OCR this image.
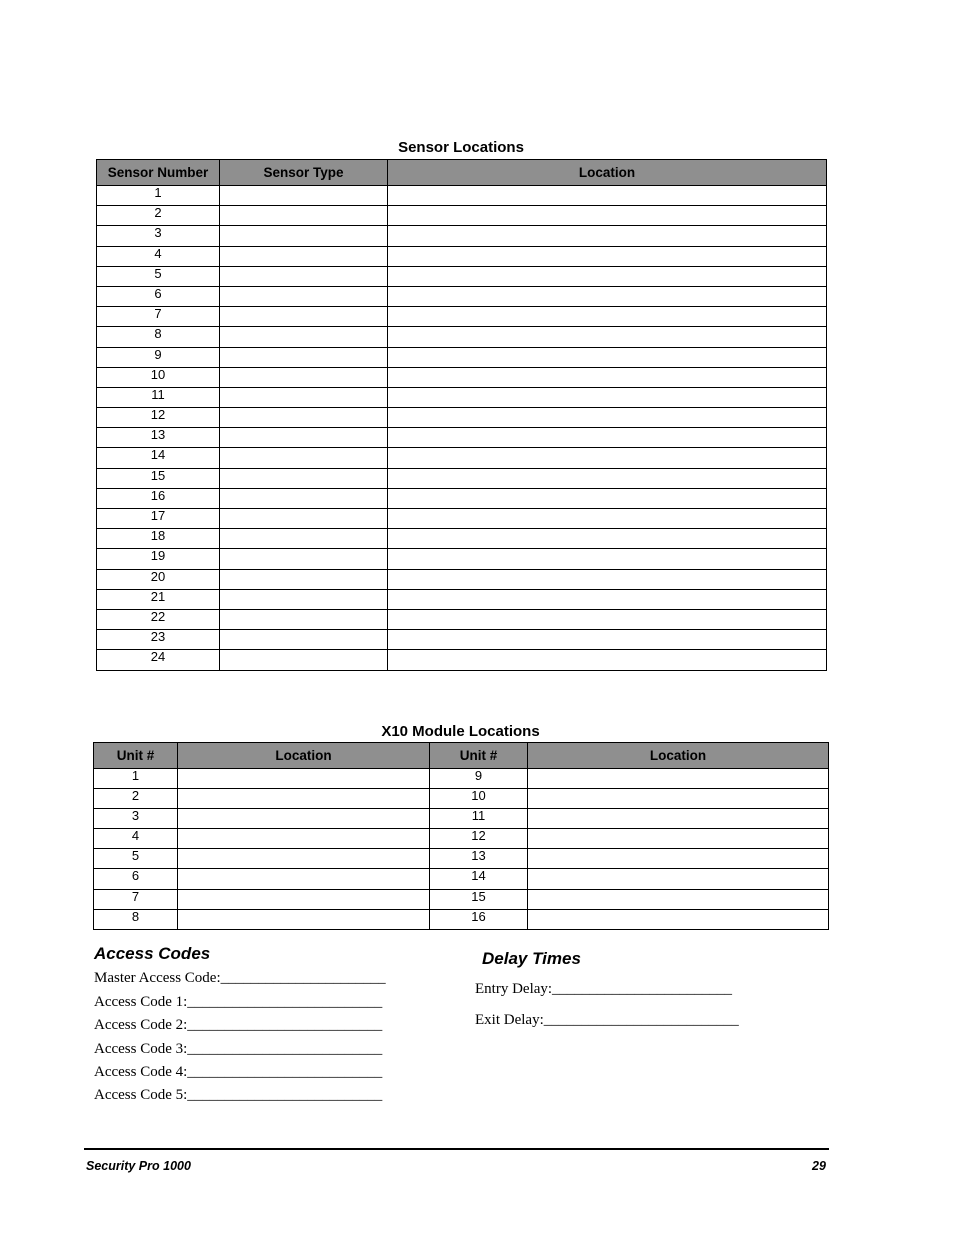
Sensor Locations
Sensor Number	Sensor Type	Location
1		
2		
3		
4		
5		
6		
7		
8		
9		
10		
11		
12		
13		
14		
15		
16		
17		
18		
19		
20		
21		
22		
23		
24		
X10 Module Locations
Unit #	Location	Unit #	Location
1		9	
2		10	
3		11	
4		12	
5		13	
6		14	
7		15	
8		16	
Access Codes
Master Access Code:______________________
Access Code 1:__________________________
Access Code 2:__________________________
Access Code 3:__________________________
Access Code 4:__________________________
Access Code 5:__________________________
Delay Times
Entry Delay:________________________
Exit Delay:__________________________
Security Pro 1000	29
